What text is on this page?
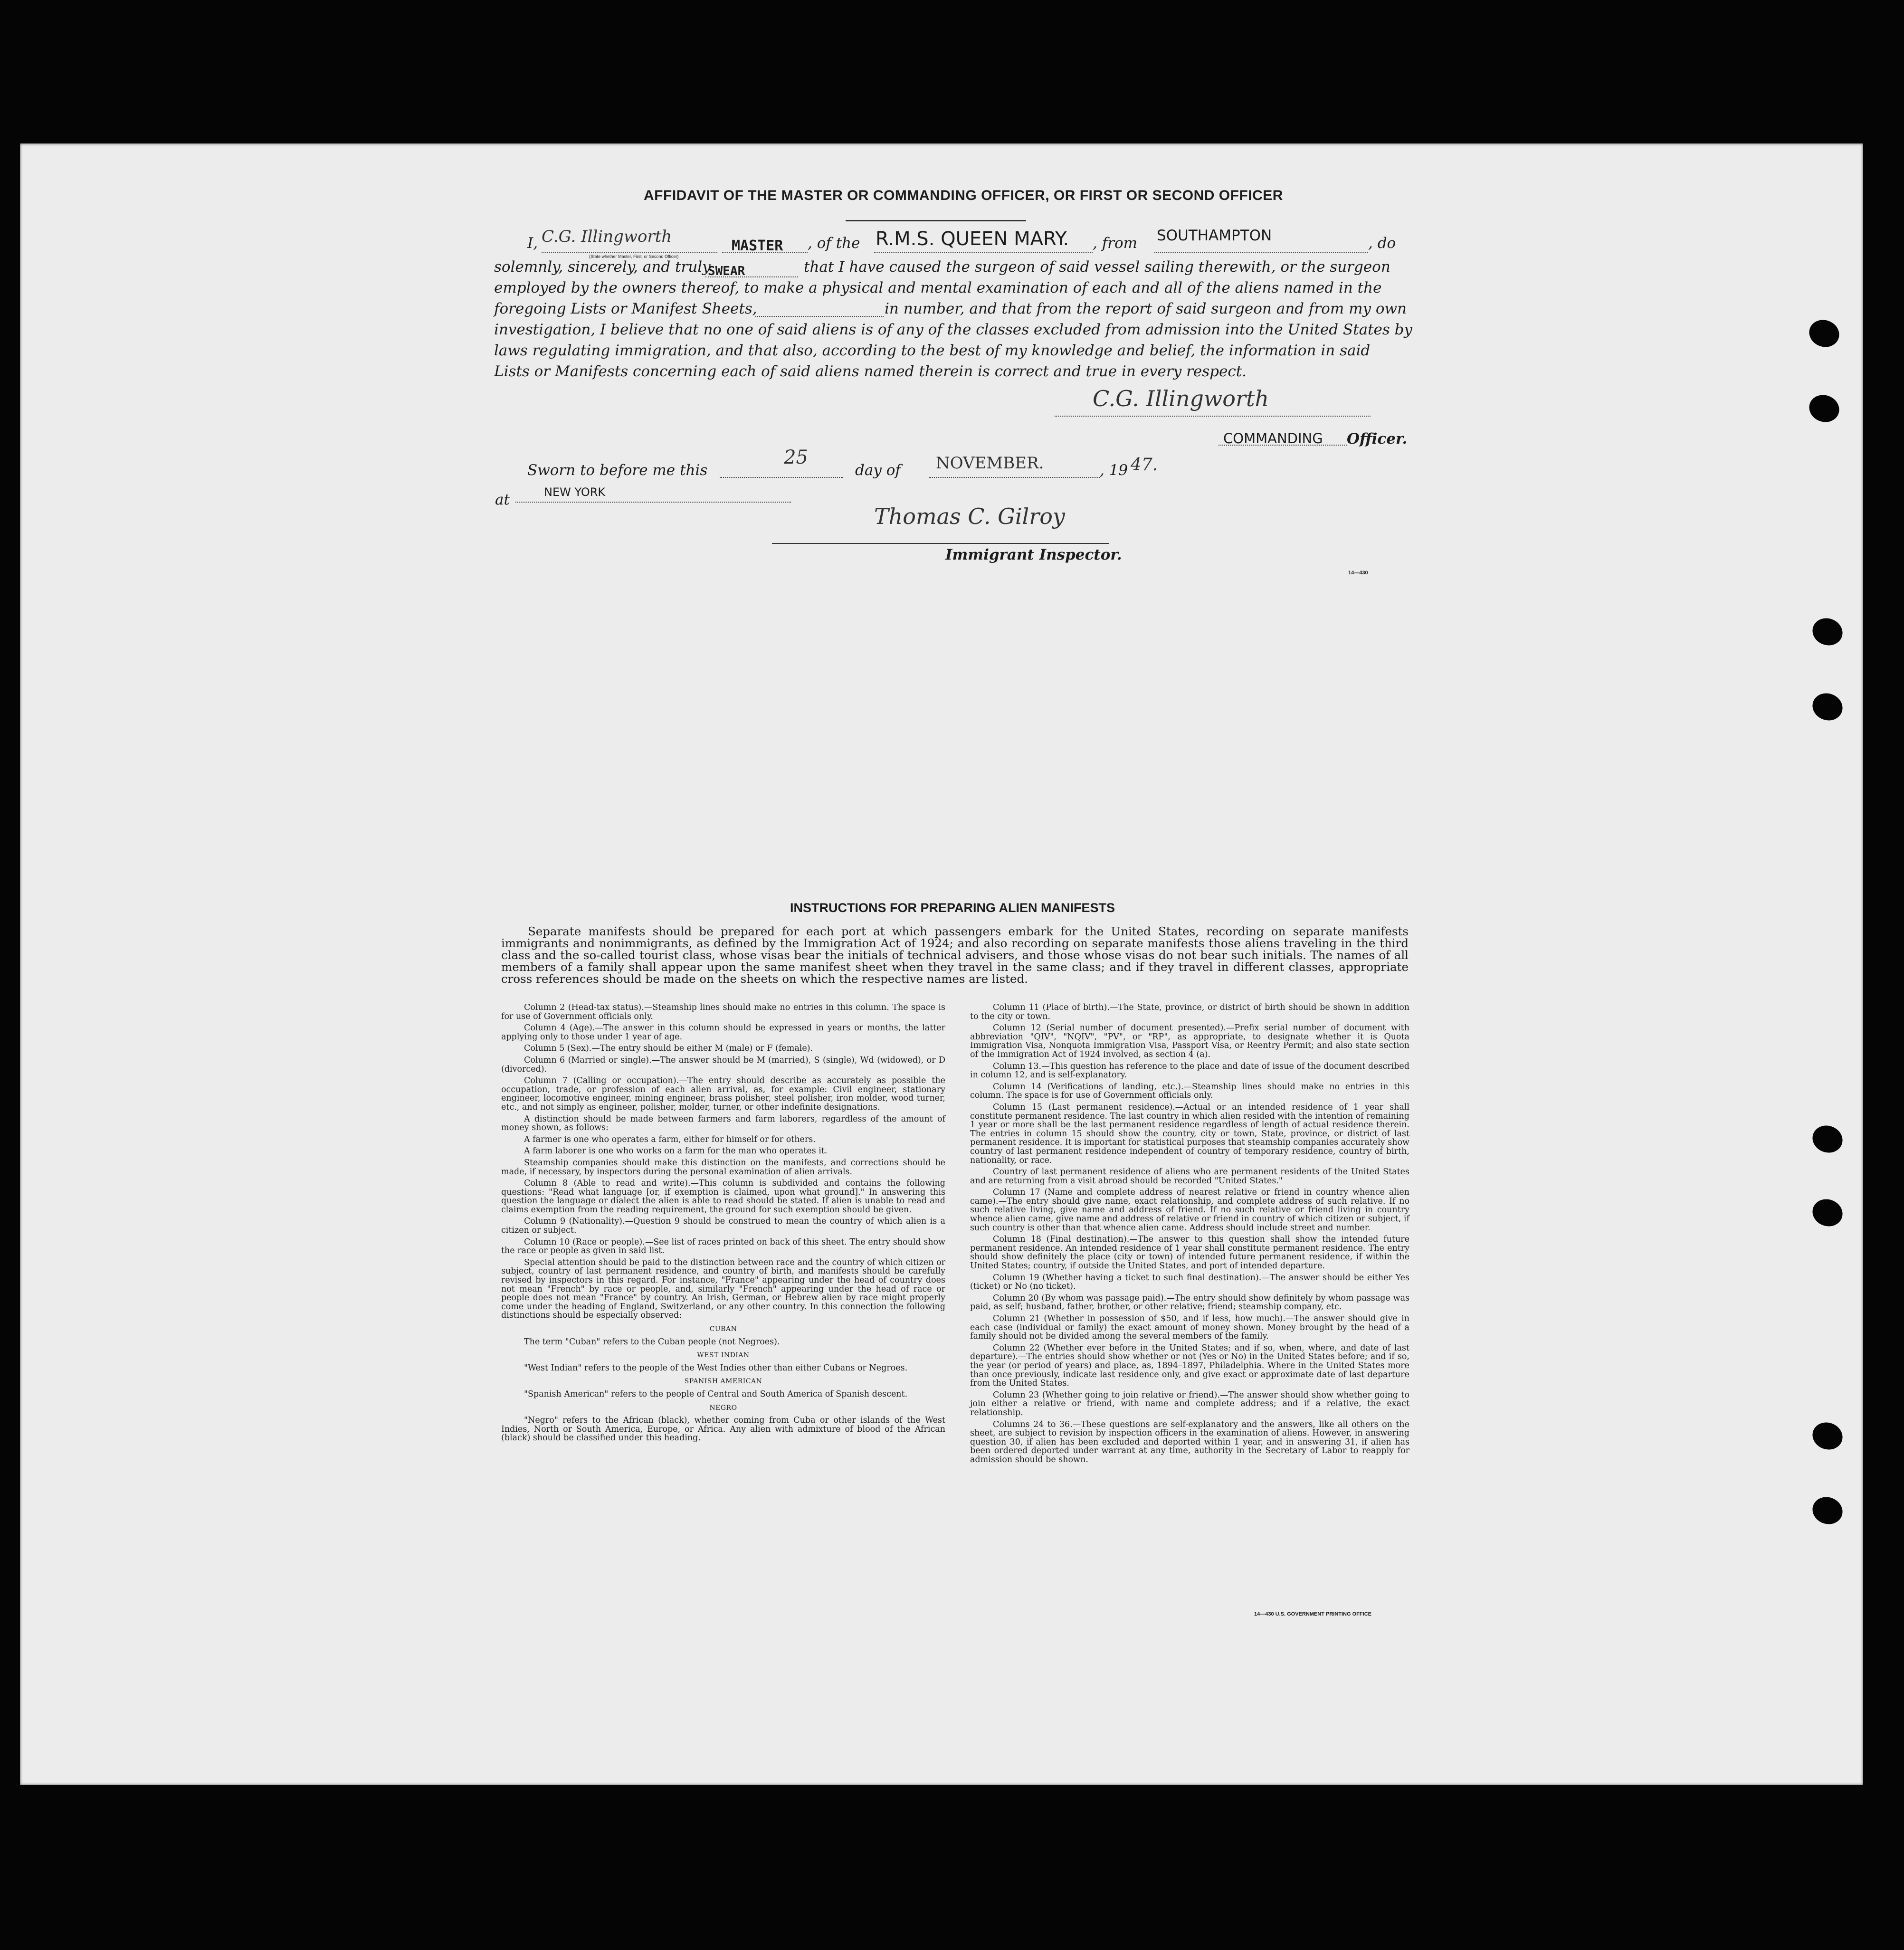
AFFIDAVIT OF THE MASTER OR COMMANDING OFFICER, OR FIRST OR SECOND OFFICER
I, C.G. Illingworth	MASTER
(State whether Master, First, or Second Officer)
, of the R.M.S. QUEEN MARY. , from SOUTHAMPTON	, do
solemnly, sincerely, and truly
SWEAR	that I have caused the surgeon of said vessel sailing therewith, or the surgeon
employed by the owners thereof, to make a physical and mental examination of each and all of the aliens named in the
foregoing Lists or Manifest Sheets,	in number, and that from the report of said surgeon and from my own
investigation, I believe that no one of said aliens is of any of the classes excluded from admission into the United States by
laws regulating immigration, and that also, according to the best of my knowledge and belief, the information in said
Lists or Manifests concerning each of said aliens named therein is correct and true in every respect.
C.G. Illingworth
COMMANDING Officer.
Sworn to before me this
25
day of NOVEMBER.	, 19 47.
at	NEW YORK
Thomas C. Gilroy
Immigrant Inspector.
14—430
INSTRUCTIONS FOR PREPARING ALIEN MANIFESTS
Separate manifests should be prepared for each port at which passengers embark for the United States, recording on separate manifests immigrants and nonimmigrants, as defined by the Immigration Act of 1924; and also recording on separate manifests those aliens traveling in the third class and the so-called tourist class, whose visas bear the initials of technical advisers, and those whose visas do not bear such initials. The names of all members of a family shall appear upon the same manifest sheet when they travel in the same class; and if they travel in different classes, appropriate cross references should be made on the sheets on which the respective names are listed.

Column 2 (Head-tax status).—Steamship lines should make no entries in this column. The space is for use of Government officials only.

Column 4 (Age).—The answer in this column should be expressed in years or months, the latter applying only to those under 1 year of age.

Column 5 (Sex).—The entry should be either M (male) or F (female).

Column 6 (Married or single).—The answer should be M (married), S (single), Wd (widowed), or D (divorced).

Column 7 (Calling or occupation).—The entry should describe as accurately as possible the occupation, trade, or profession of each alien arrival, as, for example: Civil engineer, stationary engineer, locomotive engineer, mining engineer, brass polisher, steel polisher, iron molder, wood turner, etc., and not simply as engineer, polisher, molder, turner, or other indefinite designations.

A distinction should be made between farmers and farm laborers, regardless of the amount of money shown, as follows:

A farmer is one who operates a farm, either for himself or for others.

A farm laborer is one who works on a farm for the man who operates it.

Steamship companies should make this distinction on the manifests, and corrections should be made, if necessary, by inspectors during the personal examination of alien arrivals.

Column 8 (Able to read and write).—This column is subdivided and contains the following questions: "Read what language [or, if exemption is claimed, upon what ground]." In answering this question the language or dialect the alien is able to read should be stated. If alien is unable to read and claims exemption from the reading requirement, the ground for such exemption should be given.

Column 9 (Nationality).—Question 9 should be construed to mean the country of which alien is a citizen or subject.

Column 10 (Race or people).—See list of races printed on back of this sheet. The entry should show the race or people as given in said list.

Special attention should be paid to the distinction between race and the country of which citizen or subject, country of last permanent residence, and country of birth, and manifests should be carefully revised by inspectors in this regard. For instance, "France" appearing under the head of country does not mean "French" by race or people, and, similarly "French" appearing under the head of race or people does not mean "France" by country. An Irish, German, or Hebrew alien by race might properly come under the heading of England, Switzerland, or any other country. In this connection the following distinctions should be especially observed:

CUBAN

The term "Cuban" refers to the Cuban people (not Negroes).

WEST INDIAN

"West Indian" refers to the people of the West Indies other than either Cubans or Negroes.

SPANISH AMERICAN

"Spanish American" refers to the people of Central and South America of Spanish descent.

NEGRO

"Negro" refers to the African (black), whether coming from Cuba or other islands of the West Indies, North or South America, Europe, or Africa. Any alien with admixture of blood of the African (black) should be classified under this heading.

Column 11 (Place of birth).—The State, province, or district of birth should be shown in addition to the city or town.

Column 12 (Serial number of document presented).—Prefix serial number of document with abbreviation "QIV", "NQIV", "PV", or "RP", as appropriate, to designate whether it is Quota Immigration Visa, Nonquota Immigration Visa, Passport Visa, or Reentry Permit; and also state section of the Immigration Act of 1924 involved, as section 4 (a).

Column 13.—This question has reference to the place and date of issue of the document described in column 12, and is self-explanatory.

Column 14 (Verifications of landing, etc.).—Steamship lines should make no entries in this column. The space is for use of Government officials only.

Column 15 (Last permanent residence).—Actual or an intended residence of 1 year shall constitute permanent residence. The last country in which alien resided with the intention of remaining 1 year or more shall be the last permanent residence regardless of length of actual residence therein. The entries in column 15 should show the country, city or town, State, province, or district of last permanent residence. It is important for statistical purposes that steamship companies accurately show country of last permanent residence independent of country of temporary residence, country of birth, nationality, or race.

Country of last permanent residence of aliens who are permanent residents of the United States and are returning from a visit abroad should be recorded "United States."

Column 17 (Name and complete address of nearest relative or friend in country whence alien came).—The entry should give name, exact relationship, and complete address of such relative. If no such relative living, give name and address of friend. If no such relative or friend living in country whence alien came, give name and address of relative or friend in country of which citizen or subject, if such country is other than that whence alien came. Address should include street and number.

Column 18 (Final destination).—The answer to this question shall show the intended future permanent residence. An intended residence of 1 year shall constitute permanent residence. The entry should show definitely the place (city or town) of intended future permanent residence, if within the United States; country, if outside the United States, and port of intended departure.

Column 19 (Whether having a ticket to such final destination).—The answer should be either Yes (ticket) or No (no ticket).

Column 20 (By whom was passage paid).—The entry should show definitely by whom passage was paid, as self; husband, father, brother, or other relative; friend; steamship company, etc.

Column 21 (Whether in possession of $50, and if less, how much).—The answer should give in each case (individual or family) the exact amount of money shown. Money brought by the head of a family should not be divided among the several members of the family.

Column 22 (Whether ever before in the United States; and if so, when, where, and date of last departure).—The entries should show whether or not (Yes or No) in the United States before; and if so, the year (or period of years) and place, as, 1894–1897, Philadelphia. Where in the United States more than once previously, indicate last residence only, and give exact or approximate date of last departure from the United States.

Column 23 (Whether going to join relative or friend).—The answer should show whether going to join either a relative or friend, with name and complete address; and if a relative, the exact relationship.

Columns 24 to 36.—These questions are self-explanatory and the answers, like all others on the sheet, are subject to revision by inspection officers in the examination of aliens. However, in answering question 30, if alien has been excluded and deported within 1 year, and in answering 31, if alien has been ordered deported under warrant at any time, authority in the Secretary of Labor to reapply for admission should be shown.

14—430 U.S. GOVERNMENT PRINTING OFFICE
